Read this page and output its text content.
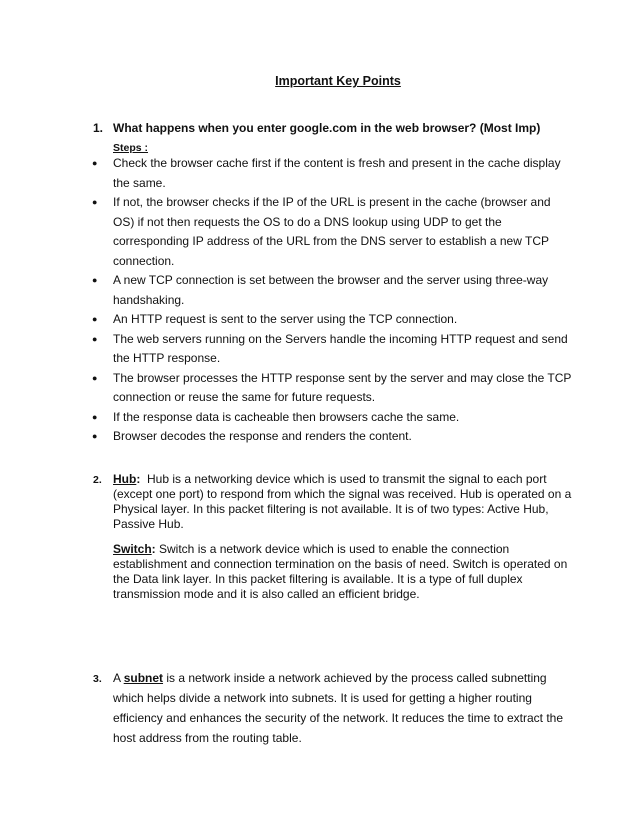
Important Key Points
1. What happens when you enter google.com in the web browser? (Most Imp)
Steps :
● Check the browser cache first if the content is fresh and present in the cache display the same.
● If not, the browser checks if the IP of the URL is present in the cache (browser and OS) if not then requests the OS to do a DNS lookup using UDP to get the corresponding IP address of the URL from the DNS server to establish a new TCP connection.
● A new TCP connection is set between the browser and the server using three-way handshaking.
● An HTTP request is sent to the server using the TCP connection.
● The web servers running on the Servers handle the incoming HTTP request and send the HTTP response.
● The browser processes the HTTP response sent by the server and may close the TCP connection or reuse the same for future requests.
● If the response data is cacheable then browsers cache the same.
● Browser decodes the response and renders the content.
2. Hub: Hub is a networking device which is used to transmit the signal to each port (except one port) to respond from which the signal was received. Hub is operated on a Physical layer. In this packet filtering is not available. It is of two types: Active Hub, Passive Hub.
Switch: Switch is a network device which is used to enable the connection establishment and connection termination on the basis of need. Switch is operated on the Data link layer. In this packet filtering is available. It is a type of full duplex transmission mode and it is also called an efficient bridge.
3. A subnet is a network inside a network achieved by the process called subnetting which helps divide a network into subnets. It is used for getting a higher routing efficiency and enhances the security of the network. It reduces the time to extract the host address from the routing table.
